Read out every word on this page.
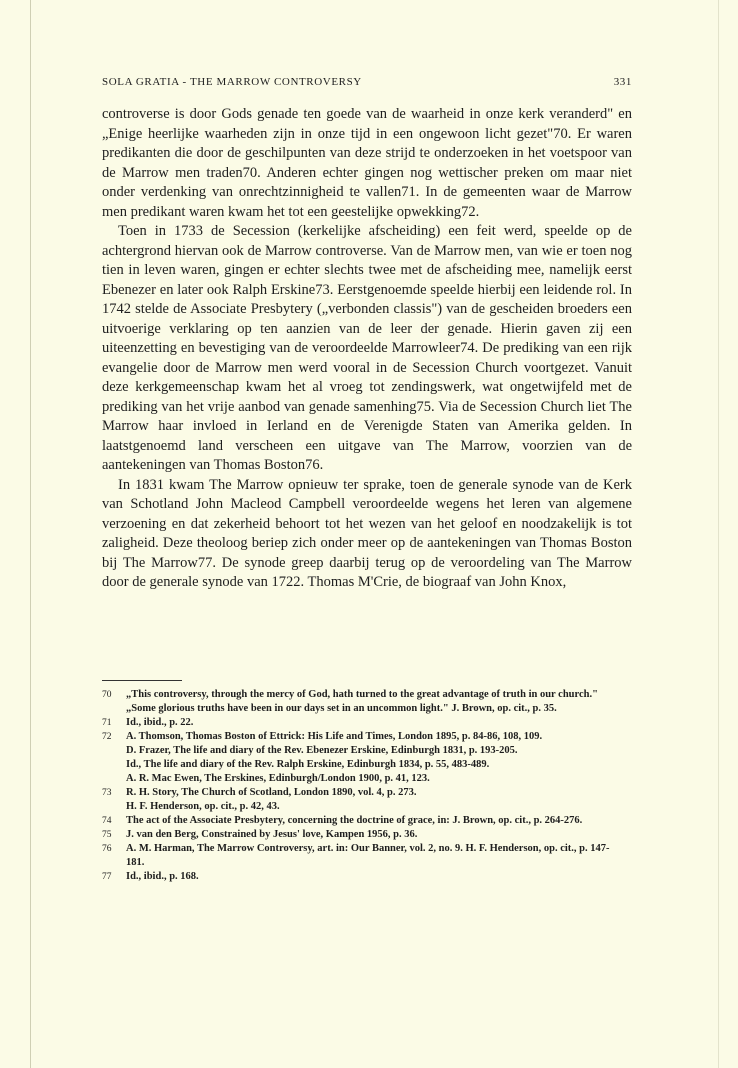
SOLA GRATIA - THE MARROW CONTROVERSY	331

controverse is door Gods genade ten goede van de waarheid in onze kerk veranderd" en „Enige heerlijke waarheden zijn in onze tijd in een ongewoon licht gezet"70. Er waren predikanten die door de geschilpunten van deze strijd te onderzoeken in het voetspoor van de Marrow men traden70. Anderen echter gingen nog wettischer preken om maar niet onder verdenking van onrechtzinnigheid te vallen71. In de gemeenten waar de Marrow men predikant waren kwam het tot een geestelijke opwekking72.

Toen in 1733 de Secession (kerkelijke afscheiding) een feit werd, speelde op de achtergrond hiervan ook de Marrow controverse. Van de Marrow men, van wie er toen nog tien in leven waren, gingen er echter slechts twee met de afscheiding mee, namelijk eerst Ebenezer en later ook Ralph Erskine73. Eerstgenoemde speelde hierbij een leidende rol. In 1742 stelde de Associate Presbytery („verbonden classis") van de gescheiden broeders een uitvoerige verklaring op ten aanzien van de leer der genade. Hierin gaven zij een uiteenzetting en bevestiging van de veroordeelde Marrowleer74. De prediking van een rijk evangelie door de Marrow men werd vooral in de Secession Church voortgezet. Vanuit deze kerkgemeenschap kwam het al vroeg tot zendingswerk, wat ongetwijfeld met de prediking van het vrije aanbod van genade samenhing75. Via de Secession Church liet The Marrow haar invloed in Ierland en de Verenigde Staten van Amerika gelden. In laatstgenoemd land verscheen een uitgave van The Marrow, voorzien van de aantekeningen van Thomas Boston76.

In 1831 kwam The Marrow opnieuw ter sprake, toen de generale synode van de Kerk van Schotland John Macleod Campbell veroordeelde wegens het leren van algemene verzoening en dat zekerheid behoort tot het wezen van het geloof en noodzakelijk is tot zaligheid. Deze theoloog beriep zich onder meer op de aantekeningen van Thomas Boston bij The Marrow77. De synode greep daarbij terug op de veroordeling van The Marrow door de generale synode van 1722. Thomas M'Crie, de biograaf van John Knox,

70 „This controversy, through the mercy of God, hath turned to the great advantage of truth in our church." „Some glorious truths have been in our days set in an uncommon light." J. Brown, op. cit., p. 35.
71 Id., ibid., p. 22.
72 A. Thomson, Thomas Boston of Ettrick: His Life and Times, London 1895, p. 84-86, 108, 109.
D. Frazer, The life and diary of the Rev. Ebenezer Erskine, Edinburgh 1831, p. 193-205.
Id., The life and diary of the Rev. Ralph Erskine, Edinburgh 1834, p. 55, 483-489.
A. R. Mac Ewen, The Erskines, Edinburgh/London 1900, p. 41, 123.
73 R. H. Story, The Church of Scotland, London 1890, vol. 4, p. 273.
H. F. Henderson, op. cit., p. 42, 43.
74 The act of the Associate Presbytery, concerning the doctrine of grace, in: J. Brown, op. cit., p. 264-276.
75 J. van den Berg, Constrained by Jesus' love, Kampen 1956, p. 36.
76 A. M. Harman, The Marrow Controversy, art. in: Our Banner, vol. 2, no. 9. H. F. Henderson, op. cit., p. 147-181.
77 Id., ibid., p. 168.
